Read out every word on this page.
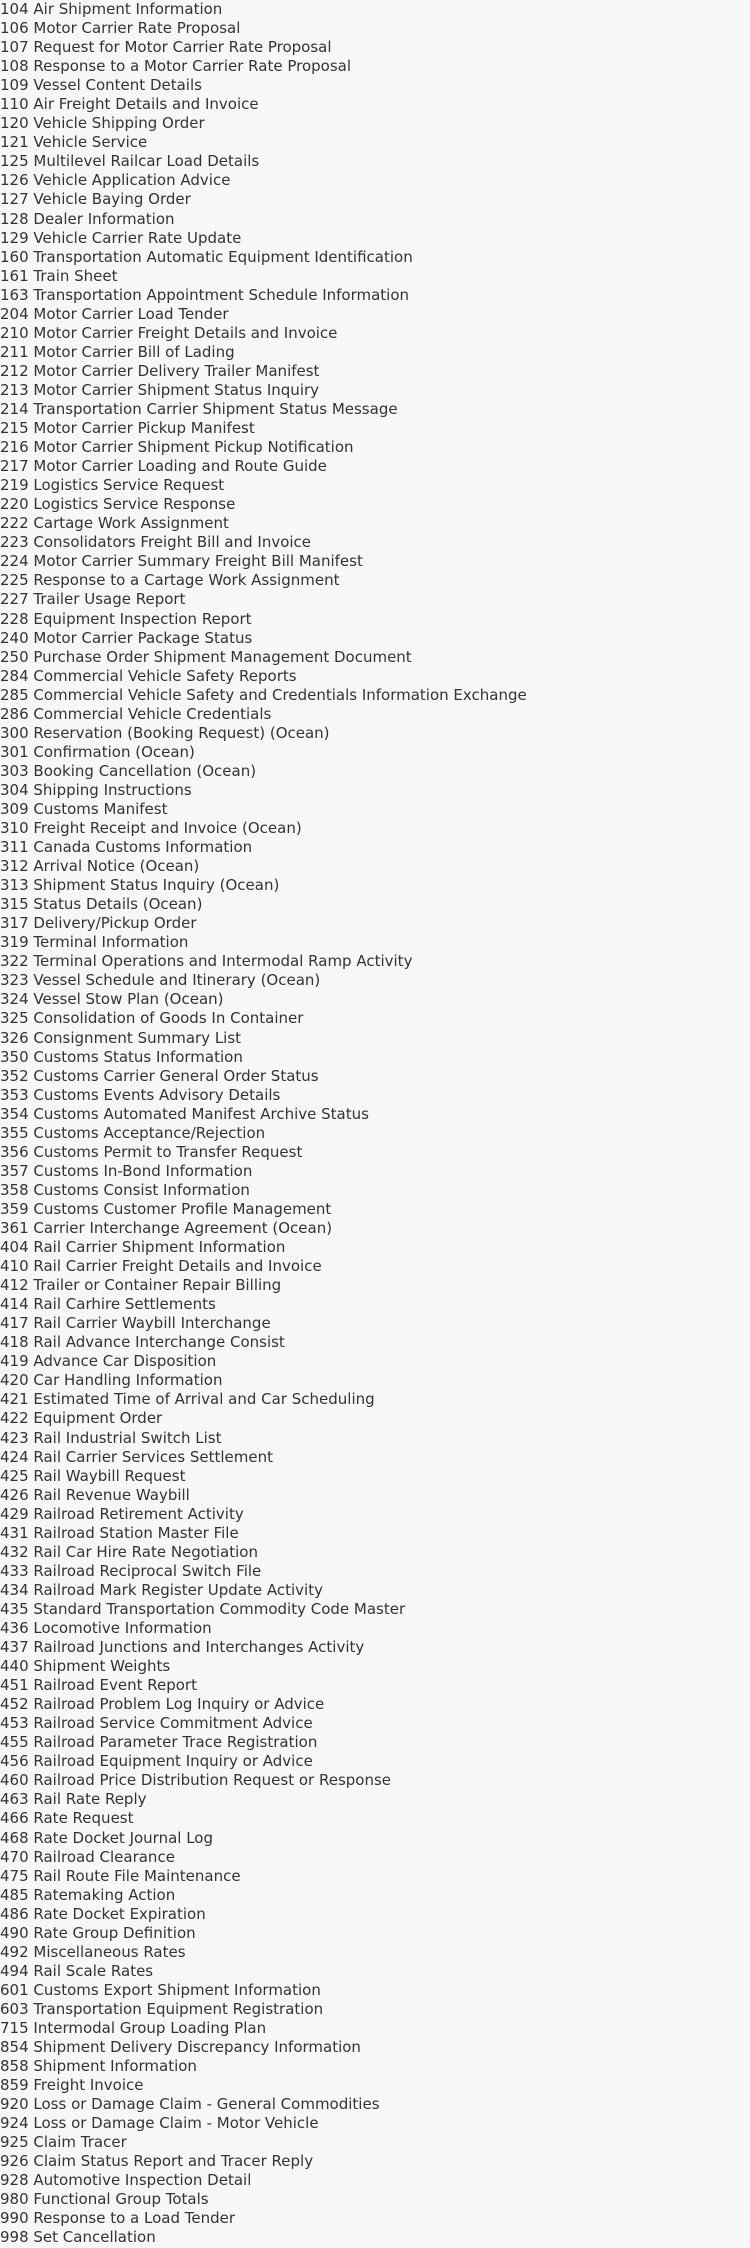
104 Air Shipment Information
106 Motor Carrier Rate Proposal
107 Request for Motor Carrier Rate Proposal
108 Response to a Motor Carrier Rate Proposal
109 Vessel Content Details
110 Air Freight Details and Invoice
120 Vehicle Shipping Order
121 Vehicle Service
125 Multilevel Railcar Load Details
126 Vehicle Application Advice
127 Vehicle Baying Order
128 Dealer Information
129 Vehicle Carrier Rate Update
160 Transportation Automatic Equipment Identification
161 Train Sheet
163 Transportation Appointment Schedule Information
204 Motor Carrier Load Tender
210 Motor Carrier Freight Details and Invoice
211 Motor Carrier Bill of Lading
212 Motor Carrier Delivery Trailer Manifest
213 Motor Carrier Shipment Status Inquiry
214 Transportation Carrier Shipment Status Message
215 Motor Carrier Pickup Manifest
216 Motor Carrier Shipment Pickup Notification
217 Motor Carrier Loading and Route Guide
219 Logistics Service Request
220 Logistics Service Response
222 Cartage Work Assignment
223 Consolidators Freight Bill and Invoice
224 Motor Carrier Summary Freight Bill Manifest
225 Response to a Cartage Work Assignment
227 Trailer Usage Report
228 Equipment Inspection Report
240 Motor Carrier Package Status
250 Purchase Order Shipment Management Document
284 Commercial Vehicle Safety Reports
285 Commercial Vehicle Safety and Credentials Information Exchange
286 Commercial Vehicle Credentials
300 Reservation (Booking Request) (Ocean)
301 Confirmation (Ocean)
303 Booking Cancellation (Ocean)
304 Shipping Instructions
309 Customs Manifest
310 Freight Receipt and Invoice (Ocean)
311 Canada Customs Information
312 Arrival Notice (Ocean)
313 Shipment Status Inquiry (Ocean)
315 Status Details (Ocean)
317 Delivery/Pickup Order
319 Terminal Information
322 Terminal Operations and Intermodal Ramp Activity
323 Vessel Schedule and Itinerary (Ocean)
324 Vessel Stow Plan (Ocean)
325 Consolidation of Goods In Container
326 Consignment Summary List
350 Customs Status Information
352 Customs Carrier General Order Status
353 Customs Events Advisory Details
354 Customs Automated Manifest Archive Status
355 Customs Acceptance/Rejection
356 Customs Permit to Transfer Request
357 Customs In-Bond Information
358 Customs Consist Information
359 Customs Customer Profile Management
361 Carrier Interchange Agreement (Ocean)
404 Rail Carrier Shipment Information
410 Rail Carrier Freight Details and Invoice
412 Trailer or Container Repair Billing
414 Rail Carhire Settlements
417 Rail Carrier Waybill Interchange
418 Rail Advance Interchange Consist
419 Advance Car Disposition
420 Car Handling Information
421 Estimated Time of Arrival and Car Scheduling
422 Equipment Order
423 Rail Industrial Switch List
424 Rail Carrier Services Settlement
425 Rail Waybill Request
426 Rail Revenue Waybill
429 Railroad Retirement Activity
431 Railroad Station Master File
432 Rail Car Hire Rate Negotiation
433 Railroad Reciprocal Switch File
434 Railroad Mark Register Update Activity
435 Standard Transportation Commodity Code Master
436 Locomotive Information
437 Railroad Junctions and Interchanges Activity
440 Shipment Weights
451 Railroad Event Report
452 Railroad Problem Log Inquiry or Advice
453 Railroad Service Commitment Advice
455 Railroad Parameter Trace Registration
456 Railroad Equipment Inquiry or Advice
460 Railroad Price Distribution Request or Response
463 Rail Rate Reply
466 Rate Request
468 Rate Docket Journal Log
470 Railroad Clearance
475 Rail Route File Maintenance
485 Ratemaking Action
486 Rate Docket Expiration
490 Rate Group Definition
492 Miscellaneous Rates
494 Rail Scale Rates
601 Customs Export Shipment Information
603 Transportation Equipment Registration
715 Intermodal Group Loading Plan
854 Shipment Delivery Discrepancy Information
858 Shipment Information
859 Freight Invoice
920 Loss or Damage Claim - General Commodities
924 Loss or Damage Claim - Motor Vehicle
925 Claim Tracer
926 Claim Status Report and Tracer Reply
928 Automotive Inspection Detail
980 Functional Group Totals
990 Response to a Load Tender
998 Set Cancellation
